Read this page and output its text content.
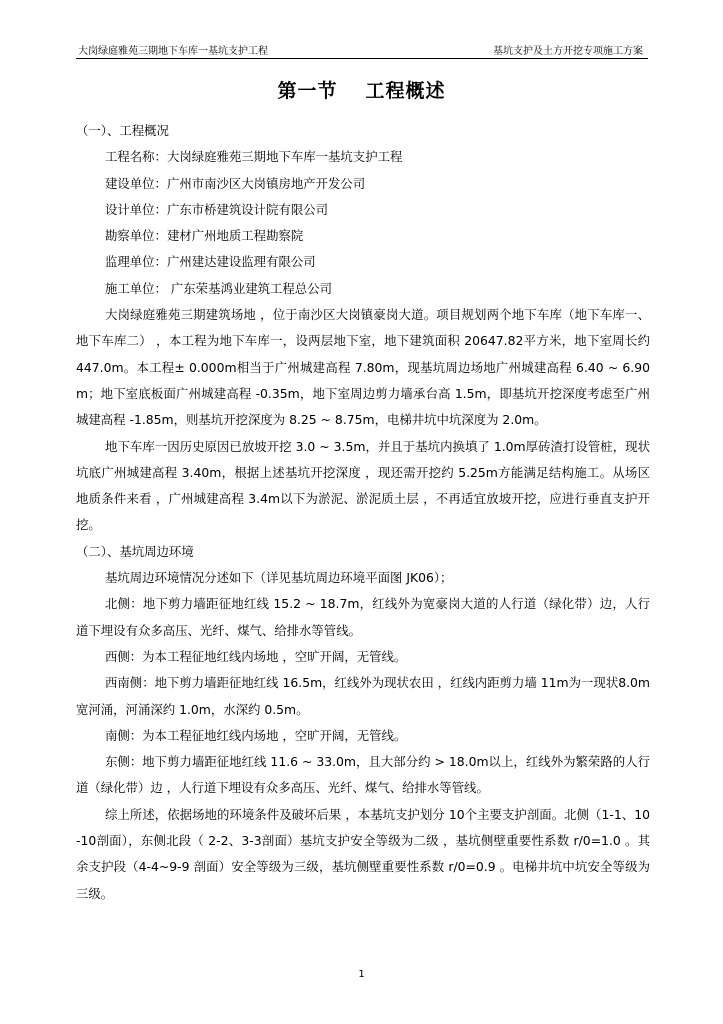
大岗绿庭雅苑三期地下车库一基坑支护工程	基坑支护及土方开挖专项施工方案
第一节 工程概述

（一）、工程概况

工程名称：大岗绿庭雅苑三期地下车库一基坑支护工程

建设单位：广州市南沙区大岗镇房地产开发公司

设计单位：广东市桥建筑设计院有限公司

勘察单位：建材广州地质工程勘察院

监理单位：广州建达建设监理有限公司

施工单位： 广东荣基鸿业建筑工程总公司

大岗绿庭雅苑三期建筑场地 ，位于南沙区大岗镇豪岗大道。项目规划两个地下车库（地下车库一、地下车库二） ，本工程为地下车库一，设两层地下室，地下建筑面积 20647.82平方米，地下室周长约 447.0m。本工程± 0.000m相当于广州城建高程 7.80m，现基坑周边场地广州城建高程 6.40 ~ 6.90m；地下室底板面广州城建高程 -0.35m，地下室周边剪力墙承台高 1.5m，即基坑开挖深度考虑至广州城建高程 -1.85m，则基坑开挖深度为 8.25 ~ 8.75m，电梯井坑中坑深度为 2.0m。

地下车库一因历史原因已放坡开挖 3.0 ~ 3.5m，并且于基坑内换填了 1.0m厚砖渣打设管桩，现状坑底广州城建高程 3.40m，根据上述基坑开挖深度 ，现还需开挖约 5.25m方能满足结构施工。从场区地质条件来看 ，广州城建高程 3.4m以下为淤泥、淤泥质土层 ，不再适宜放坡开挖，应进行垂直支护开挖。

（二）、基坑周边环境

基坑周边环境情况分述如下（详见基坑周边环境平面图 JK06）；

北侧：地下剪力墙距征地红线 15.2 ~ 18.7m，红线外为宽豪岗大道的人行道（绿化带）边，人行道下埋设有众多高压、光纤、煤气、给排水等管线。

西侧：为本工程征地红线内场地 ，空旷开阔，无管线。

西南侧：地下剪力墙距征地红线 16.5m，红线外为现状农田 ，红线内距剪力墙 11m为一现状8.0m宽河涌，河涌深约 1.0m，水深约 0.5m。

南侧：为本工程征地红线内场地 ，空旷开阔，无管线。

东侧：地下剪力墙距征地红线 11.6 ~ 33.0m，且大部分约 > 18.0m以上，红线外为繁荣路的人行道（绿化带）边 ，人行道下埋设有众多高压、光纤、煤气、给排水等管线。

综上所述，依据场地的环境条件及破坏后果 ，本基坑支护划分 10个主要支护剖面。北侧（1-1、10-10剖面），东侧北段（ 2-2、3-3剖面）基坑支护安全等级为二级 ，基坑侧壁重要性系数 r/0=1.0 。其余支护段（4-4~9-9 剖面）安全等级为三级，基坑侧壁重要性系数 r/0=0.9 。电梯井坑中坑安全等级为三级。

1
